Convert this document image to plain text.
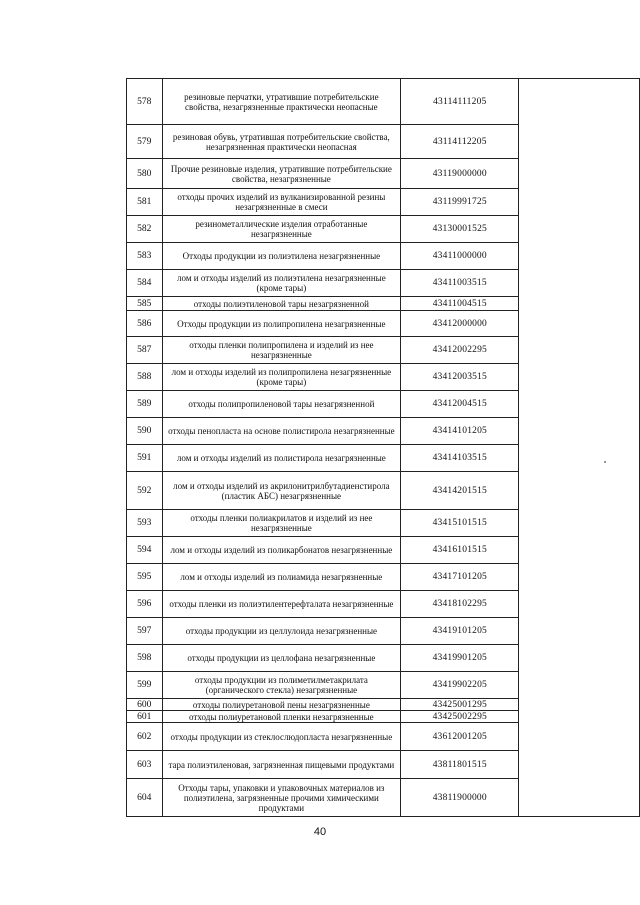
578	резиновые перчатки, утратившие потребительские свойства, незагрязненные практически неопасные	43114111205	
579	резиновая обувь, утратившая потребительские свойства, незагрязненная практически неопасная	43114112205	
580	Прочие резиновые изделия, утратившие потребительские свойства, незагрязненные	43119000000	
581	отходы прочих изделий из вулканизированной резины незагрязненные в смеси	43119991725	
582	резинометаллические изделия отработанные незагрязненные	43130001525	
583	Отходы продукции из полиэтилена незагрязненные	43411000000	
584	лом и отходы изделий из полиэтилена незагрязненные (кроме тары)	43411003515	
585	отходы полиэтиленовой тары незагрязненной	43411004515	
586	Отходы продукции из полипропилена незагрязненные	43412000000	
587	отходы пленки полипропилена и изделий из нее незагрязненные	43412002295	
588	лом и отходы изделий из полипропилена незагрязненные (кроме тары)	43412003515	
589	отходы полипропиленовой тары незагрязненной	43412004515	
590	отходы пенопласта на основе полистирола незагрязненные	43414101205	
591	лом и отходы изделий из полистирола незагрязненные	43414103515	
592	лом и отходы изделий из акрилонитрилбутадиенстирола (пластик АБС) незагрязненные	43414201515	
593	отходы пленки полиакрилатов и изделий из нее незагрязненные	43415101515	
594	лом и отходы изделий из поликарбонатов незагрязненные	43416101515	
595	лом и отходы изделий из полиамида незагрязненные	43417101205	
596	отходы пленки из полиэтилентерефталата незагрязненные	43418102295	
597	отходы продукции из целлулоида незагрязненные	43419101205	
598	отходы продукции из целлофана незагрязненные	43419901205	
599	отходы продукции из полиметилметакрилата (органического стекла) незагрязненные	43419902205	
600	отходы полиуретановой пены незагрязненные	43425001295	
601	отходы полиуретановой пленки незагрязненные	43425002295	
602	отходы продукции из стеклослюдопласта незагрязненные	43612001205	
603	тара полиэтиленовая, загрязненная пищевыми продуктами	43811801515	
604	Отходы тары, упаковки и упаковочных материалов из полиэтилена, загрязненные прочими химическими продуктами	43811900000	
40
